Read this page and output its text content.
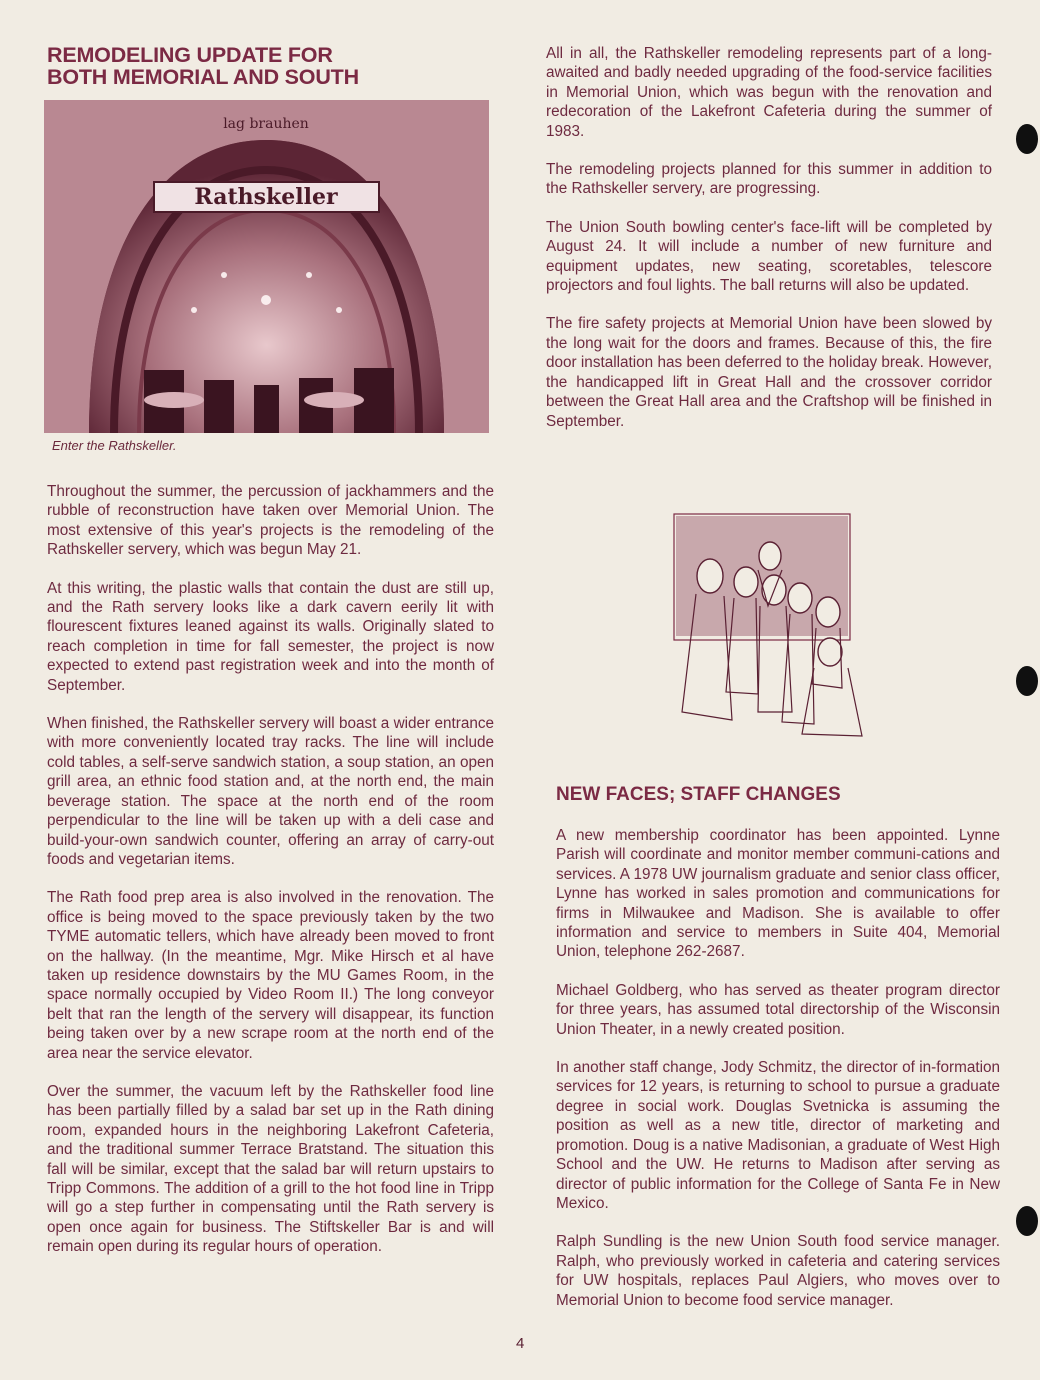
REMODELING UPDATE FOR
BOTH MEMORIAL AND SOUTH
Rathskeller
lag brauhen
Enter the Rathskeller.

Throughout the summer, the percussion of jackhammers and the rubble of reconstruction have taken over Memorial Union. The most extensive of this year's projects is the remodeling of the Rathskeller servery, which was begun May 21.

At this writing, the plastic walls that contain the dust are still up, and the Rath servery looks like a dark cavern eerily lit with flourescent fixtures leaned against its walls. Originally slated to reach completion in time for fall semester, the project is now expected to extend past registration week and into the month of September.

When finished, the Rathskeller servery will boast a wider entrance with more conveniently located tray racks. The line will include cold tables, a self-serve sandwich station, a soup station, an open grill area, an ethnic food station and, at the north end, the main beverage station. The space at the north end of the room perpendicular to the line will be taken up with a deli case and build-your-own sandwich counter, offering an array of carry-out foods and vegetarian items.

The Rath food prep area is also involved in the renovation. The office is being moved to the space previously taken by the two TYME automatic tellers, which have already been moved to front on the hallway. (In the meantime, Mgr. Mike Hirsch et al have taken up residence downstairs by the MU Games Room, in the space normally occupied by Video Room II.) The long conveyor belt that ran the length of the servery will disappear, its function being taken over by a new scrape room at the north end of the area near the service elevator.

Over the summer, the vacuum left by the Rathskeller food line has been partially filled by a salad bar set up in the Rath dining room, expanded hours in the neighboring Lakefront Cafeteria, and the traditional summer Terrace Bratstand. The situation this fall will be similar, except that the salad bar will return upstairs to Tripp Commons. The addition of a grill to the hot food line in Tripp will go a step further in compensating until the Rath servery is open once again for business. The Stiftskeller Bar is and will remain open during its regular hours of operation.

All in all, the Rathskeller remodeling represents part of a long-awaited and badly needed upgrading of the food-service facilities in Memorial Union, which was begun with the renovation and redecoration of the Lakefront Cafeteria during the summer of 1983.

The remodeling projects planned for this summer in addition to the Rathskeller servery, are progressing.

The Union South bowling center's face-lift will be completed by August 24. It will include a number of new furniture and equipment updates, new seating, scoretables, telescore projectors and foul lights. The ball returns will also be updated.

The fire safety projects at Memorial Union have been slowed by the long wait for the doors and frames. Because of this, the fire door installation has been deferred to the holiday break. However, the handicapped lift in Great Hall and the crossover corridor between the Great Hall area and the Craftshop will be finished in September.

NEW FACES; STAFF CHANGES

A new membership coordinator has been appointed. Lynne Parish will coordinate and monitor member communi-cations and services. A 1978 UW journalism graduate and senior class officer, Lynne has worked in sales promotion and communications for firms in Milwaukee and Madison. She is available to offer information and service to members in Suite 404, Memorial Union, telephone 262-2687.

Michael Goldberg, who has served as theater program director for three years, has assumed total directorship of the Wisconsin Union Theater, in a newly created position.

In another staff change, Jody Schmitz, the director of in-formation services for 12 years, is returning to school to pursue a graduate degree in social work. Douglas Svetnicka is assuming the position as well as a new title, director of marketing and promotion. Doug is a native Madisonian, a graduate of West High School and the UW. He returns to Madison after serving as director of public information for the College of Santa Fe in New Mexico.

Ralph Sundling is the new Union South food service manager. Ralph, who previously worked in cafeteria and catering services for UW hospitals, replaces Paul Algiers, who moves over to Memorial Union to become food service manager.

4
